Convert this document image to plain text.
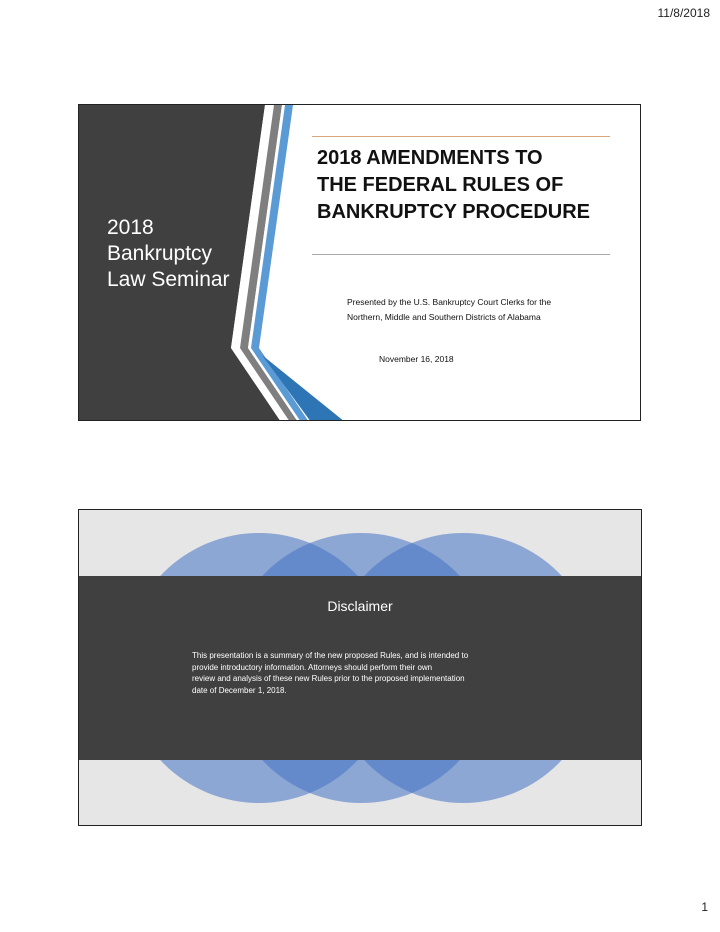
11/8/2018
2018
Bankruptcy
Law Seminar
2018 AMENDMENTS TO
THE FEDERAL RULES OF
BANKRUPTCY PROCEDURE
Presented by the U.S. Bankruptcy Court Clerks for the
Northern, Middle and Southern Districts of Alabama
November 16, 2018
Disclaimer
This presentation is a summary of the new proposed Rules, and is intended to
provide introductory information. Attorneys should perform their own
review and analysis of these new Rules prior to the proposed implementation
date of December 1, 2018.
1
